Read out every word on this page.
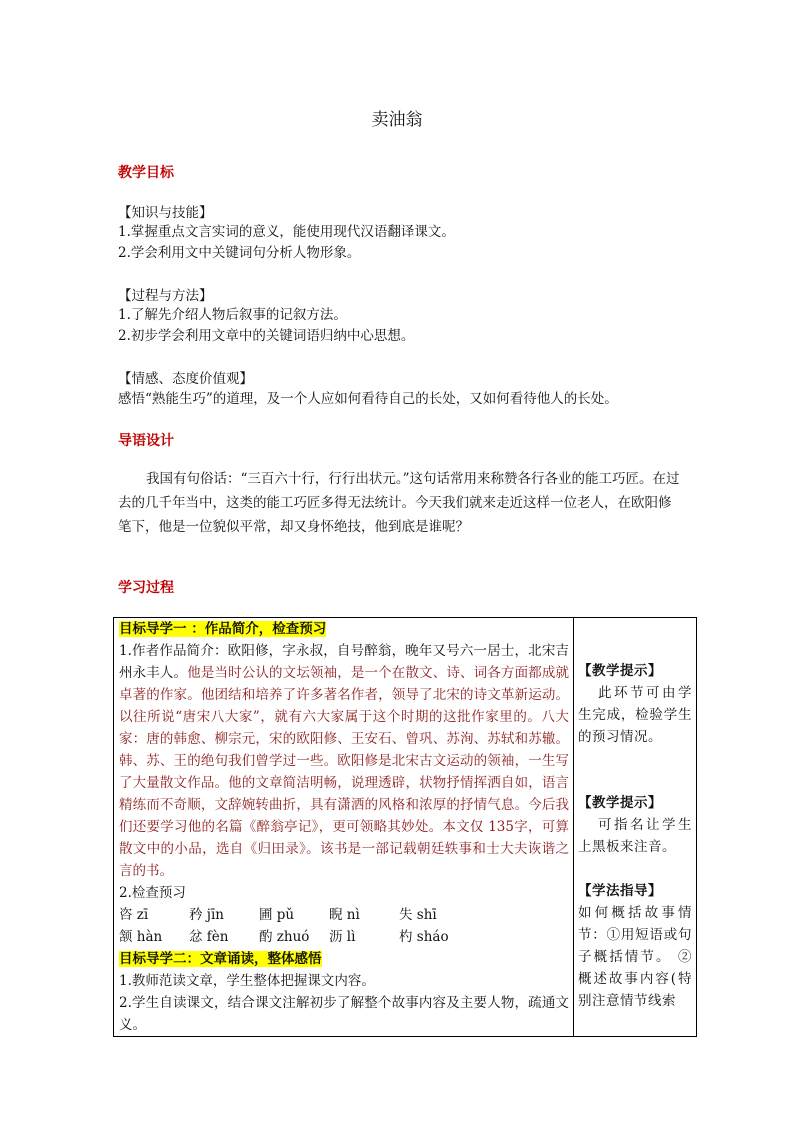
卖油翁
教学目标
【知识与技能】
1.掌握重点文言实词的意义，能使用现代汉语翻译课文。
2.学会利用文中关键词句分析人物形象。
【过程与方法】
1.了解先介绍人物后叙事的记叙方法。
2.初步学会利用文章中的关键词语归纳中心思想。
【情感、态度价值观】
感悟“熟能生巧”的道理，及一个人应如何看待自己的长处，又如何看待他人的长处。
导语设计
我国有句俗话：“三百六十行，行行出状元。”这句话常用来称赞各行各业的能工巧匠。在过去的几千年当中，这类的能工巧匠多得无法统计。今天我们就来走近这样一位老人，在欧阳修笔下，他是一位貌似平常，却又身怀绝技，他到底是谁呢？
学习过程
目标导学一 ：作品简介，检查预习
1.作者作品简介：欧阳修，字永叔，自号醉翁，晚年又号六一居士，北宋吉州永丰人。他是当时公认的文坛领袖，是一个在散文、诗、词各方面都成就卓著的作家。他团结和培养了许多著名作者，领导了北宋的诗文革新运动。以往所说“唐宋八大家”，就有六大家属于这个时期的这批作家里的。八大家：唐的韩愈、柳宗元，宋的欧阳修、王安石、曾巩、苏洵、苏轼和苏辙。韩、苏、王的绝句我们曾学过一些。欧阳修是北宋古文运动的领袖，一生写了大量散文作品。他的文章简洁明畅，说理透辟，状物抒情挥洒自如，语言精练而不奇顺，文辞婉转曲折，具有潇洒的风格和浓厚的抒情气息。今后我们还要学习他的名篇《醉翁亭记》，更可领略其妙处。本文仅 135字，可算散文中的小品，选自《归田录》。该书是一部记载朝廷轶事和士大夫诙谐之言的书。
2.检查预习
咨 zī	矜 jīn	圃 pǔ	睨 nì	失 shī
颔 hàn	忿 fèn	酌 zhuó	沥 lì	杓 sháo
目标导学二：文章诵读，整体感悟
1.教师范读文章，学生整体把握课文内容。
2.学生自读课文，结合课文注解初步了解整个故事内容及主要人物，疏通文义。

【教学提示】
此环节可由学生完成，检验学生的预习情况。
【教学提示】
可指名让学生上黑板来注音。
【学法指导】
如何概括故事情节：①用短语或句子概括情节。 ②概述故事内容(特别注意情节线索
